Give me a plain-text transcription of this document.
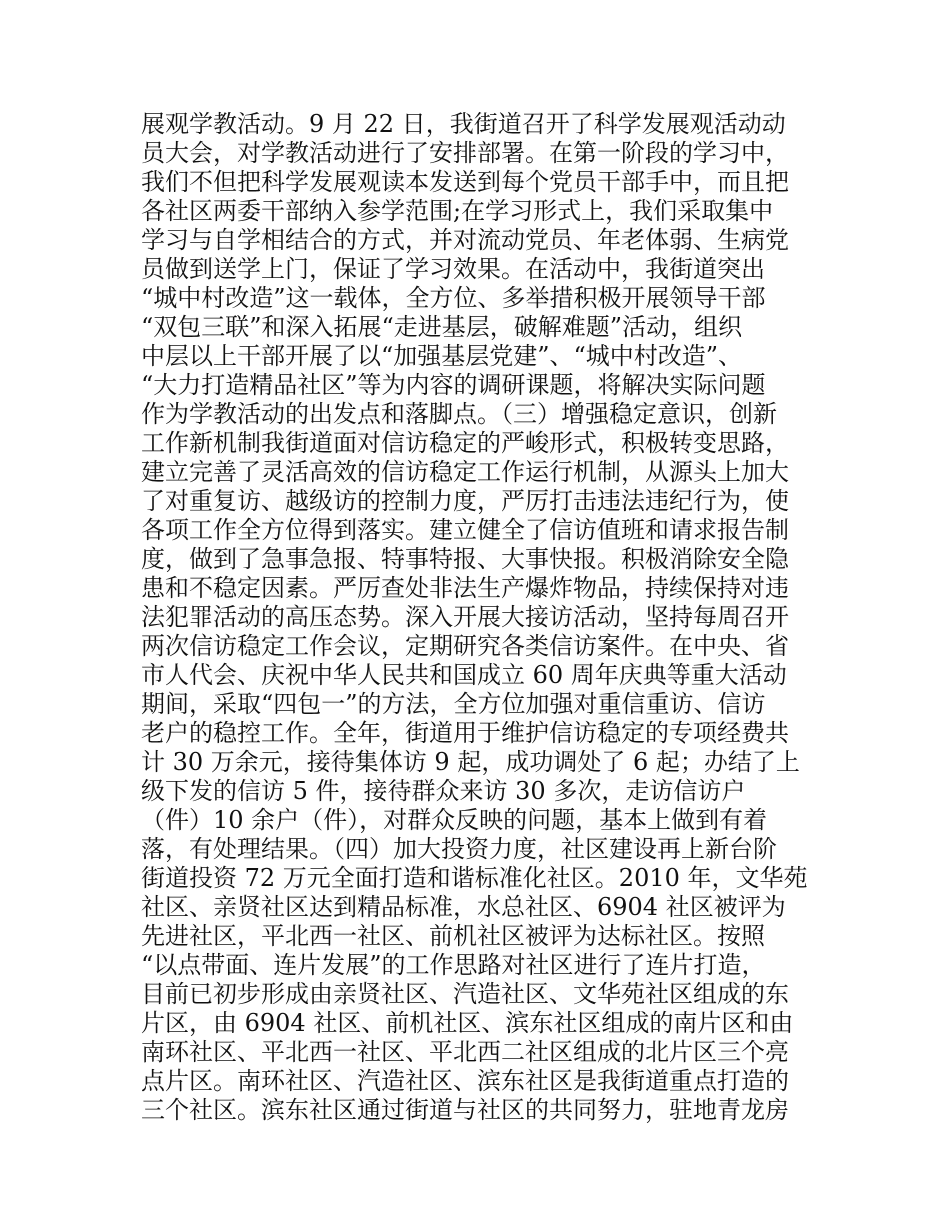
展观学教活动。9 月 22 日，我街道召开了科学发展观活动动
员大会，对学教活动进行了安排部署。在第一阶段的学习中，
我们不但把科学发展观读本发送到每个党员干部手中，而且把
各社区两委干部纳入参学范围;在学习形式上，我们采取集中
学习与自学相结合的方式，并对流动党员、年老体弱、生病党
员做到送学上门，保证了学习效果。在活动中，我街道突出
“城中村改造”这一载体，全方位、多举措积极开展领导干部
“双包三联”和深入拓展“走进基层，破解难题”活动，组织
中层以上干部开展了以“加强基层党建”、“城中村改造”、
“大力打造精品社区”等为内容的调研课题，将解决实际问题
作为学教活动的出发点和落脚点。（三）增强稳定意识，创新
工作新机制我街道面对信访稳定的严峻形式，积极转变思路，
建立完善了灵活高效的信访稳定工作运行机制，从源头上加大
了对重复访、越级访的控制力度，严厉打击违法违纪行为，使
各项工作全方位得到落实。建立健全了信访值班和请求报告制
度，做到了急事急报、特事特报、大事快报。积极消除安全隐
患和不稳定因素。严厉查处非法生产爆炸物品，持续保持对违
法犯罪活动的高压态势。深入开展大接访活动，坚持每周召开
两次信访稳定工作会议，定期研究各类信访案件。在中央、省
市人代会、庆祝中华人民共和国成立 60 周年庆典等重大活动
期间，采取“四包一”的方法，全方位加强对重信重访、信访
老户的稳控工作。全年，街道用于维护信访稳定的专项经费共
计 30 万余元，接待集体访 9 起，成功调处了 6 起；办结了上
级下发的信访 5 件，接待群众来访 30 多次，走访信访户
（件）10 余户（件），对群众反映的问题，基本上做到有着
落，有处理结果。（四）加大投资力度，社区建设再上新台阶
街道投资 72 万元全面打造和谐标准化社区。2010 年，文华苑
社区、亲贤社区达到精品标准，水总社区、6904 社区被评为
先进社区，平北西一社区、前机社区被评为达标社区。按照
“以点带面、连片发展”的工作思路对社区进行了连片打造，
目前已初步形成由亲贤社区、汽造社区、文华苑社区组成的东
片区，由 6904 社区、前机社区、滨东社区组成的南片区和由
南环社区、平北西一社区、平北西二社区组成的北片区三个亮
点片区。南环社区、汽造社区、滨东社区是我街道重点打造的
三个社区。滨东社区通过街道与社区的共同努力，驻地青龙房
